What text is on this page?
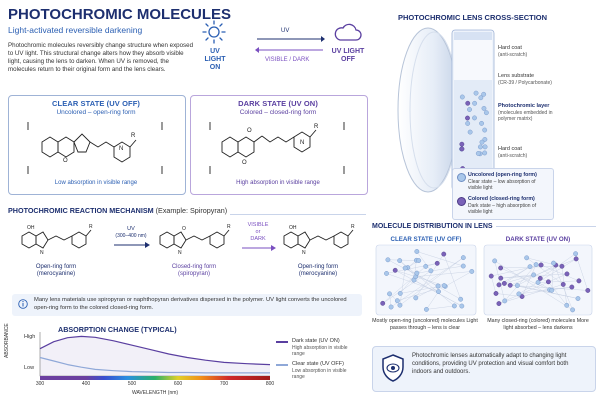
PHOTOCHROMIC MOLECULES
Light-activated reversible darkening
Photochromic molecules reversibly change structure when exposed to UV light. This structural change alters how they absorb visible light, causing the lens to darken. When UV is removed, the molecules return to their original form and the lens clears.
UV LIGHT ON
UV
VISIBLE / DARK
UV LIGHT OFF
CLEAR STATE (UV OFF)
Uncolored – open-ring form
R
N
O
Low absorption in visible range
DARK STATE (UV ON)
Colored – closed-ring form
O
N
R
O
High absorption in visible range
PHOTOCHROMIC REACTION MECHANISM (Example: Spiropyran)
R
OH
N
Open-ring form
(merocyanine)
UV
(300–400 nm)
R
O
N
Closed-ring form
(spiropyran)
VISIBLE
or
DARK
R
OH
N
Open-ring form
(merocyanine)
Many lens materials use spiropyran or naphthopyran derivatives dispersed in the polymer. UV light converts the uncolored open-ring form to the colored closed-ring form.
ABSORPTION CHANGE (TYPICAL)
ABSORBANCE	High
Low
300	400	500	600	700	800
WAVELENGTH (nm)
Dark state (UV ON)
High absorption in visible range
Clear state (UV OFF)
Low absorption in visible range
PHOTOCHROMIC LENS CROSS-SECTION
Hard coat
(anti-scratch)
Lens substrate
(CR-39 / Polycarbonate)
Photochromic layer
(molecules embedded in polymer matrix)
Hard coat
(anti-scratch)
Uncolored (open-ring form)
Clear state – low absorption of visible light
Colored (closed-ring form)
Dark state – high absorption of visible light
MOLECULE DISTRIBUTION IN LENS
CLEAR STATE (UV OFF)	DARK STATE (UV ON)
Mostly open-ring (uncolored) molecules Light passes through – lens is clear
Many closed-ring (colored) molecules More light absorbed – lens darkens
Photochromic lenses automatically adapt to changing light conditions, providing UV protection and visual comfort both indoors and outdoors.
